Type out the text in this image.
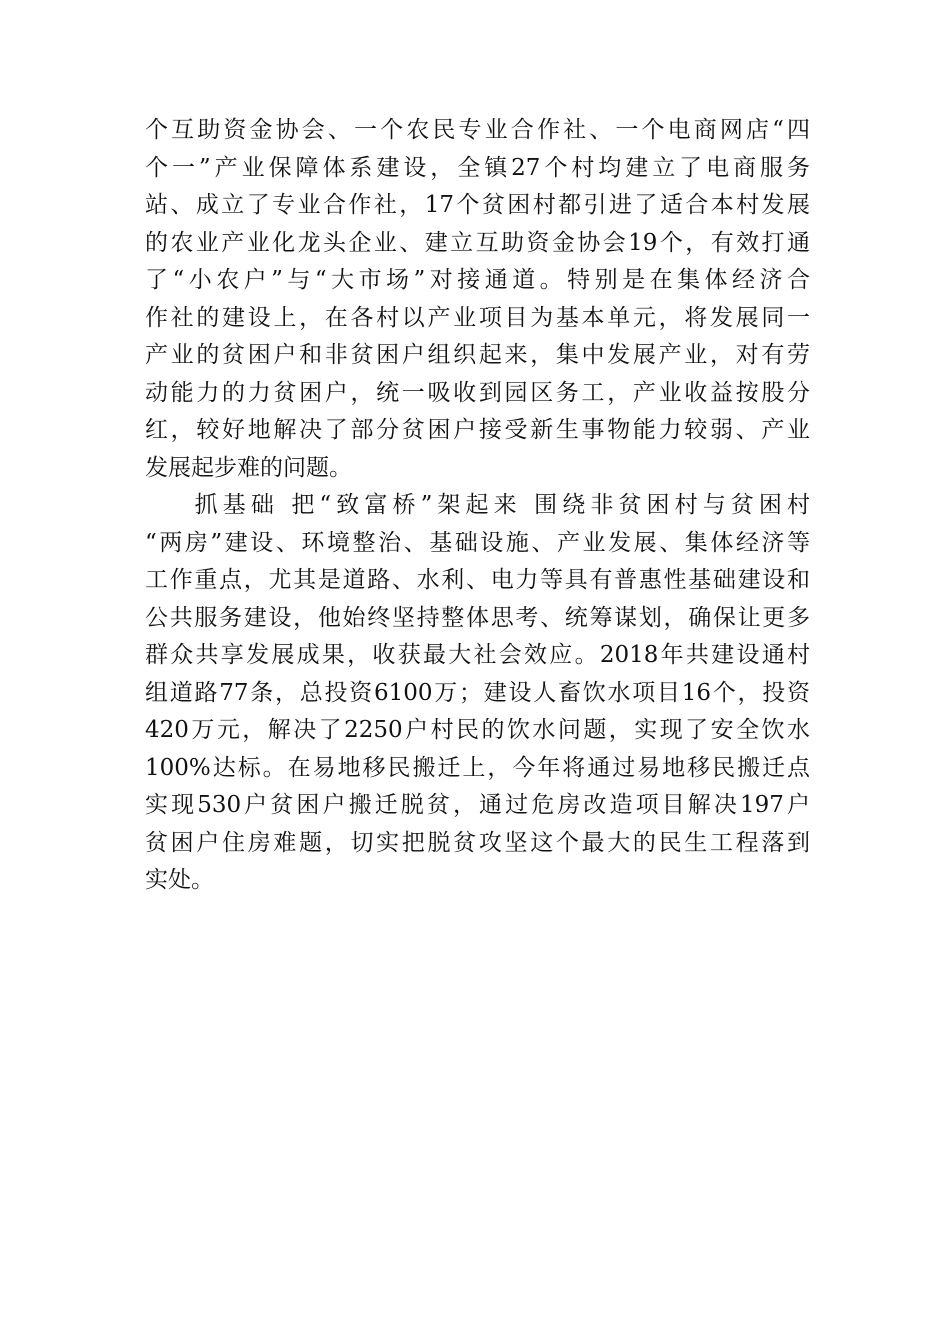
个互助资金协会、一个农民专业合作社、一个电商网店“四
个一”产业保障体系建设，全镇27个村均建立了电商服务
站、成立了专业合作社，17个贫困村都引进了适合本村发展
的农业产业化龙头企业、建立互助资金协会19个，有效打通
了“小农户”与“大市场”对接通道。特别是在集体经济合
作社的建设上，在各村以产业项目为基本单元，将发展同一
产业的贫困户和非贫困户组织起来，集中发展产业，对有劳
动能力的力贫困户，统一吸收到园区务工，产业收益按股分
红，较好地解决了部分贫困户接受新生事物能力较弱、产业
发展起步难的问题。
抓基础 把“致富桥”架起来 围绕非贫困村与贫困村
“两房”建设、环境整治、基础设施、产业发展、集体经济等
工作重点，尤其是道路、水利、电力等具有普惠性基础建设和
公共服务建设，他始终坚持整体思考、统筹谋划，确保让更多
群众共享发展成果，收获最大社会效应。2018年共建设通村
组道路77条，总投资6100万；建设人畜饮水项目16个，投资
420万元，解决了2250户村民的饮水问题，实现了安全饮水
100%达标。在易地移民搬迁上，今年将通过易地移民搬迁点
实现530户贫困户搬迁脱贫，通过危房改造项目解决197户
贫困户住房难题，切实把脱贫攻坚这个最大的民生工程落到
实处。
